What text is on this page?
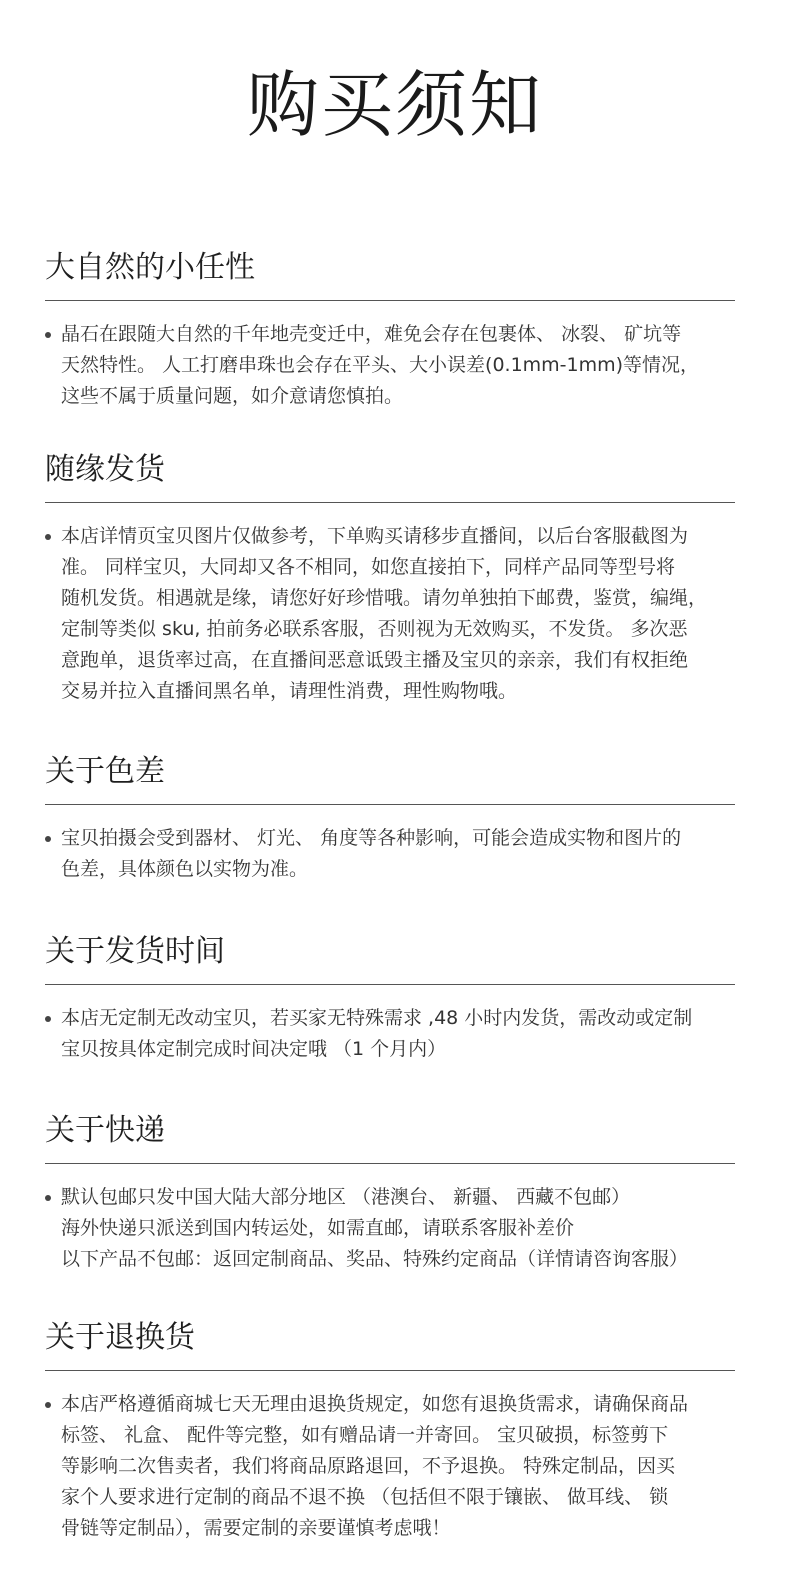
购买须知
大自然的小任性
晶石在跟随大自然的千年地壳变迁中，难免会存在包裹体、 冰裂、 矿坑等
天然特性。 人工打磨串珠也会存在平头、大小误差(0.1mm-1mm)等情况，
这些不属于质量问题，如介意请您慎拍。
随缘发货
本店详情页宝贝图片仅做参考，下单购买请移步直播间，以后台客服截图为
准。 同样宝贝，大同却又各不相同，如您直接拍下，同样产品同等型号将
随机发货。相遇就是缘，请您好好珍惜哦。请勿单独拍下邮费，鉴赏，编绳，
定制等类似 sku, 拍前务必联系客服，否则视为无效购买，不发货。 多次恶
意跑单，退货率过高，在直播间恶意诋毁主播及宝贝的亲亲，我们有权拒绝
交易并拉入直播间黑名单，请理性消费，理性购物哦。
关于色差
宝贝拍摄会受到器材、 灯光、 角度等各种影响，可能会造成实物和图片的
色差，具体颜色以实物为准。
关于发货时间
本店无定制无改动宝贝，若买家无特殊需求 ,48 小时内发货，需改动或定制
宝贝按具体定制完成时间决定哦 （1 个月内）
关于快递
默认包邮只发中国大陆大部分地区 （港澳台、 新疆、 西藏不包邮）
海外快递只派送到国内转运处，如需直邮，请联系客服补差价
以下产品不包邮：返回定制商品、奖品、特殊约定商品（详情请咨询客服）
关于退换货
本店严格遵循商城七天无理由退换货规定，如您有退换货需求，请确保商品
标签、 礼盒、 配件等完整，如有赠品请一并寄回。 宝贝破损，标签剪下
等影响二次售卖者，我们将商品原路退回，不予退换。 特殊定制品，因买
家个人要求进行定制的商品不退不换 （包括但不限于镶嵌、 做耳线、 锁
骨链等定制品），需要定制的亲要谨慎考虑哦！
